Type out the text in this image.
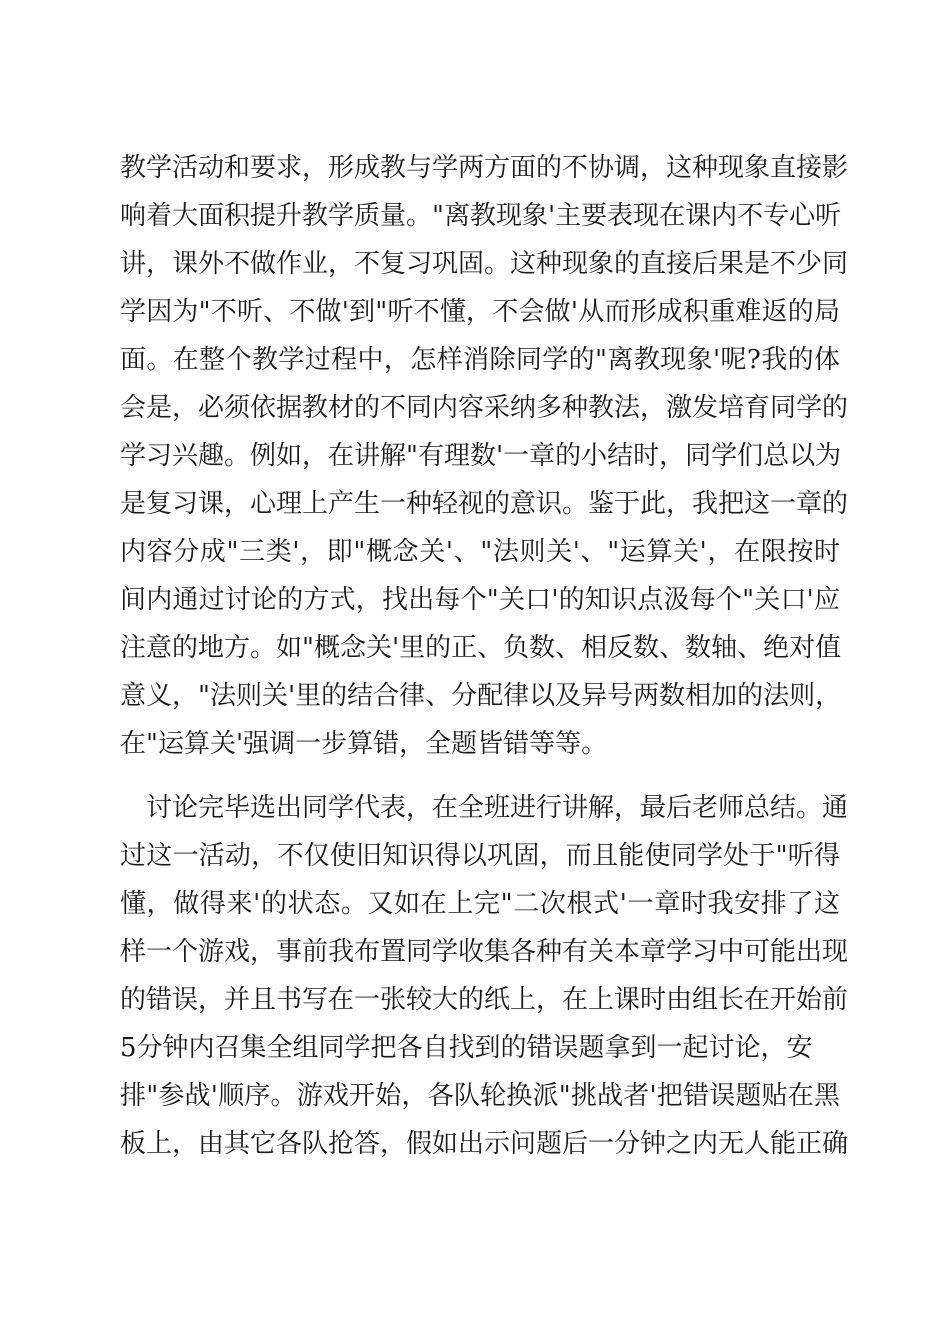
教学活动和要求，形成教与学两方面的不协调，这种现象直接影
响着大面积提升教学质量。"离教现象'主要表现在课内不专心听
讲，课外不做作业，不复习巩固。这种现象的直接后果是不少同
学因为"不听、不做'到"听不懂，不会做'从而形成积重难返的局
面。在整个教学过程中，怎样消除同学的"离教现象'呢?我的体
会是，必须依据教材的不同内容采纳多种教法，激发培育同学的
学习兴趣。例如，在讲解"有理数'一章的小结时，同学们总以为
是复习课，心理上产生一种轻视的意识。鉴于此，我把这一章的
内容分成"三类'，即"概念关'、"法则关'、"运算关'，在限按时
间内通过讨论的方式，找出每个"关口'的知识点汲每个"关口'应
注意的地方。如"概念关'里的正、负数、相反数、数轴、绝对值
意义，"法则关'里的结合律、分配律以及异号两数相加的法则，
在"运算关'强调一步算错，全题皆错等等。
讨论完毕选出同学代表，在全班进行讲解，最后老师总结。通
过这一活动，不仅使旧知识得以巩固，而且能使同学处于"听得
懂，做得来'的状态。又如在上完"二次根式'一章时我安排了这
样一个游戏，事前我布置同学收集各种有关本章学习中可能出现
的错误，并且书写在一张较大的纸上，在上课时由组长在开始前
5分钟内召集全组同学把各自找到的错误题拿到一起讨论，安
排"参战'顺序。游戏开始，各队轮换派"挑战者'把错误题贴在黑
板上，由其它各队抢答，假如出示问题后一分钟之内无人能正确
